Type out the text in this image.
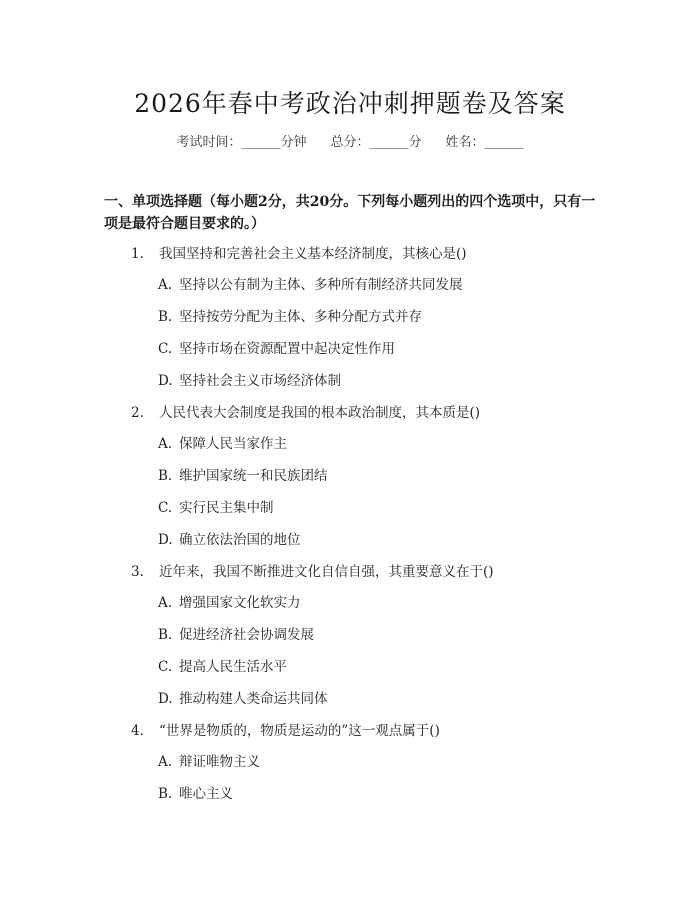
2026年春中考政治冲刺押题卷及答案
考试时间：______分钟 总分：______分 姓名：______

一、单项选择题（每小题2分，共20分。下列每小题列出的四个选项中，只有一项是最符合题目要求的。）

1. 我国坚持和完善社会主义基本经济制度，其核心是()
A. 坚持以公有制为主体、多种所有制经济共同发展
B. 坚持按劳分配为主体、多种分配方式并存
C. 坚持市场在资源配置中起决定性作用
D. 坚持社会主义市场经济体制
2. 人民代表大会制度是我国的根本政治制度，其本质是()
A. 保障人民当家作主
B. 维护国家统一和民族团结
C. 实行民主集中制
D. 确立依法治国的地位
3. 近年来，我国不断推进文化自信自强，其重要意义在于()
A. 增强国家文化软实力
B. 促进经济社会协调发展
C. 提高人民生活水平
D. 推动构建人类命运共同体
4. “世界是物质的，物质是运动的”这一观点属于()
A. 辩证唯物主义
B. 唯心主义
